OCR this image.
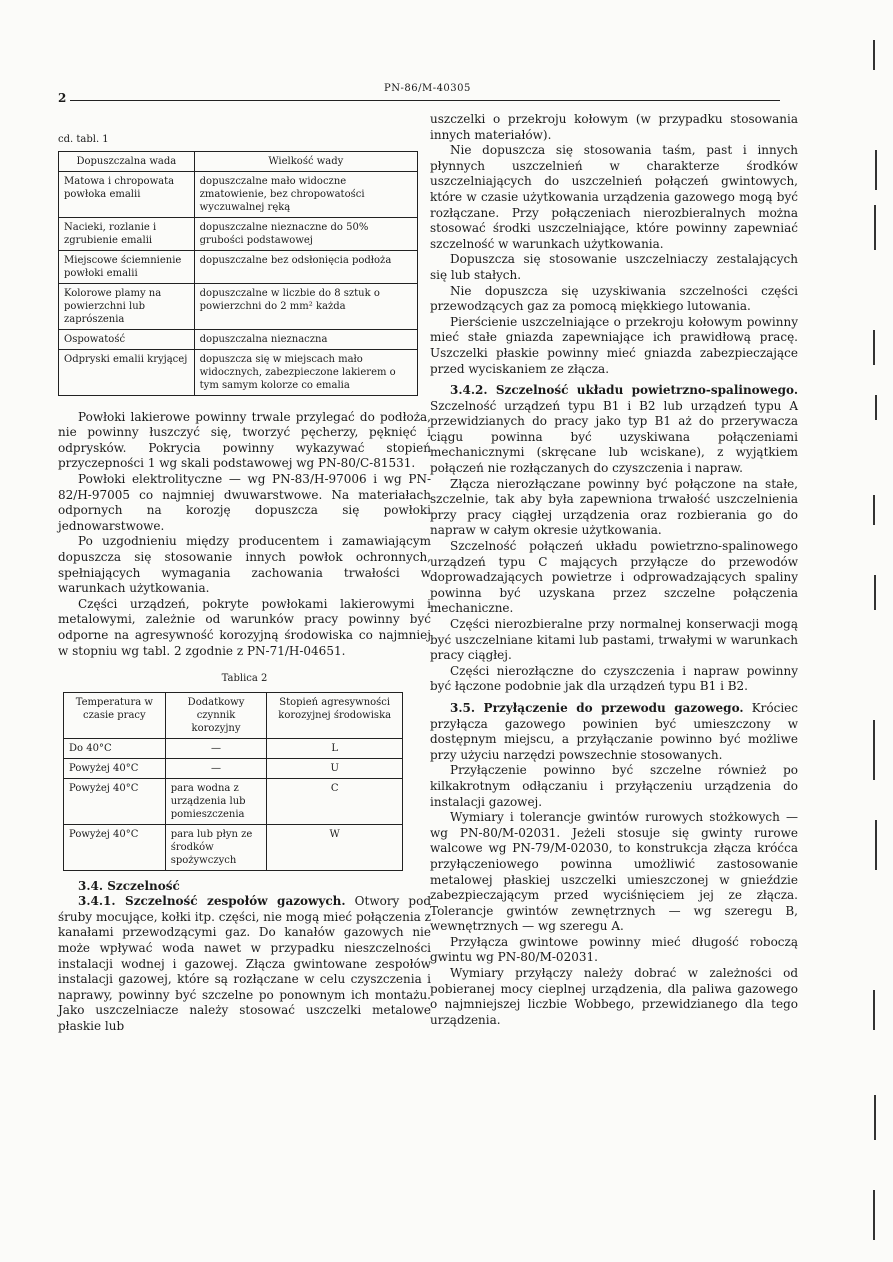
2
PN-86/M-40305
cd. tabl. 1
Dopuszczalna wada	Wielkość wady
Matowa i chropowata powłoka emalii	dopuszczalne mało widoczne zmatowienie, bez chropowatości wyczuwalnej ręką
Nacieki, rozlanie i zgrubienie emalii	dopuszczalne nieznaczne do 50% grubości podstawowej
Miejscowe ściemnienie powłoki emalii	dopuszczalne bez odsłonięcia podłoża
Kolorowe plamy na powierzchni lub zaprószenia	dopuszczalne w liczbie do 8 sztuk o powierzchni do 2 mm² każda
Ospowatość	dopuszczalna nieznaczna
Odpryski emalii kryjącej	dopuszcza się w miejscach mało widocznych, zabezpieczone lakierem o tym samym kolorze co emalia

Powłoki lakierowe powinny trwale przylegać do podłoża, nie powinny łuszczyć się, tworzyć pęcherzy, pęknięć i odprysków. Pokrycia powinny wykazywać stopień przyczepności 1 wg skali podstawowej wg PN-80/C-81531.

Powłoki elektrolityczne — wg PN-83/H-97006 i wg PN-82/H-97005 co najmniej dwuwarstwowe. Na materiałach odpornych na korozję dopuszcza się powłoki jednowarstwowe.

Po uzgodnieniu między producentem i zamawiającym dopuszcza się stosowanie innych powłok ochronnych, spełniających wymagania zachowania trwałości w warunkach użytkowania.

Części urządzeń, pokryte powłokami lakierowymi i metalowymi, zależnie od warunków pracy powinny być odporne na agresywność korozyjną środowiska co najmniej w stopniu wg tabl. 2 zgodnie z PN-71/H-04651.

Tablica 2
Temperatura w czasie pracy	Dodatkowy czynnik korozyjny	Stopień agresywności korozyjnej środowiska
Do 40°C	—	L
Powyżej 40°C	—	U
Powyżej 40°C	para wodna z urządzenia lub pomieszczenia	C
Powyżej 40°C	para lub płyn ze środków spożywczych	W

3.4. Szczelność

3.4.1. Szczelność zespołów gazowych. Otwory pod śruby mocujące, kołki itp. części, nie mogą mieć połączenia z kanałami przewodzącymi gaz. Do kanałów gazowych nie może wpływać woda nawet w przypadku nieszczelności instalacji wodnej i gazowej. Złącza gwintowane zespołów instalacji gazowej, które są rozłączane w celu czyszczenia i naprawy, powinny być szczelne po ponownym ich montażu. Jako uszczelniacze należy stosować uszczelki metalowe płaskie lub

uszczelki o przekroju kołowym (w przypadku stosowania innych materiałów).

Nie dopuszcza się stosowania taśm, past i innych płynnych uszczelnień w charakterze środków uszczelniających do uszczelnień połączeń gwintowych, które w czasie użytkowania urządzenia gazowego mogą być rozłączane. Przy połączeniach nierozbieralnych można stosować środki uszczelniające, które powinny zapewniać szczelność w warunkach użytkowania.

Dopuszcza się stosowanie uszczelniaczy zestalających się lub stałych.

Nie dopuszcza się uzyskiwania szczelności części przewodzących gaz za pomocą miękkiego lutowania.

Pierścienie uszczelniające o przekroju kołowym powinny mieć stałe gniazda zapewniające ich prawidłową pracę. Uszczelki płaskie powinny mieć gniazda zabezpieczające przed wyciskaniem ze złącza.

3.4.2. Szczelność układu powietrzno-spalinowego. Szczelność urządzeń typu B1 i B2 lub urządzeń typu A przewidzianych do pracy jako typ B1 aż do przerywacza ciągu powinna być uzyskiwana połączeniami mechanicznymi (skręcane lub wciskane), z wyjątkiem połączeń nie rozłączanych do czyszczenia i napraw.

Złącza nierozłączane powinny być połączone na stałe, szczelnie, tak aby była zapewniona trwałość uszczelnienia przy pracy ciągłej urządzenia oraz rozbierania go do napraw w całym okresie użytkowania.

Szczelność połączeń układu powietrzno-spalinowego urządzeń typu C mających przyłącze do przewodów doprowadzających powietrze i odprowadzających spaliny powinna być uzyskana przez szczelne połączenia mechaniczne.

Części nierozbieralne przy normalnej konserwacji mogą być uszczelniane kitami lub pastami, trwałymi w warunkach pracy ciągłej.

Części nierozłączne do czyszczenia i napraw powinny być łączone podobnie jak dla urządzeń typu B1 i B2.

3.5. Przyłączenie do przewodu gazowego. Króciec przyłącza gazowego powinien być umieszczony w dostępnym miejscu, a przyłączanie powinno być możliwe przy użyciu narzędzi powszechnie stosowanych.

Przyłączenie powinno być szczelne również po kilkakrotnym odłączaniu i przyłączeniu urządzenia do instalacji gazowej.

Wymiary i tolerancje gwintów rurowych stożkowych — wg PN-80/M-02031. Jeżeli stosuje się gwinty rurowe walcowe wg PN-79/M-02030, to konstrukcja złącza króćca przyłączeniowego powinna umożliwić zastosowanie metalowej płaskiej uszczelki umieszczonej w gnieździe zabezpieczającym przed wyciśnięciem jej ze złącza. Tolerancje gwintów zewnętrznych — wg szeregu B, wewnętrznych — wg szeregu A.

Przyłącza gwintowe powinny mieć długość roboczą gwintu wg PN-80/M-02031.

Wymiary przyłączy należy dobrać w zależności od pobieranej mocy cieplnej urządzenia, dla paliwa gazowego o najmniejszej liczbie Wobbego, przewidzianego dla tego urządzenia.
